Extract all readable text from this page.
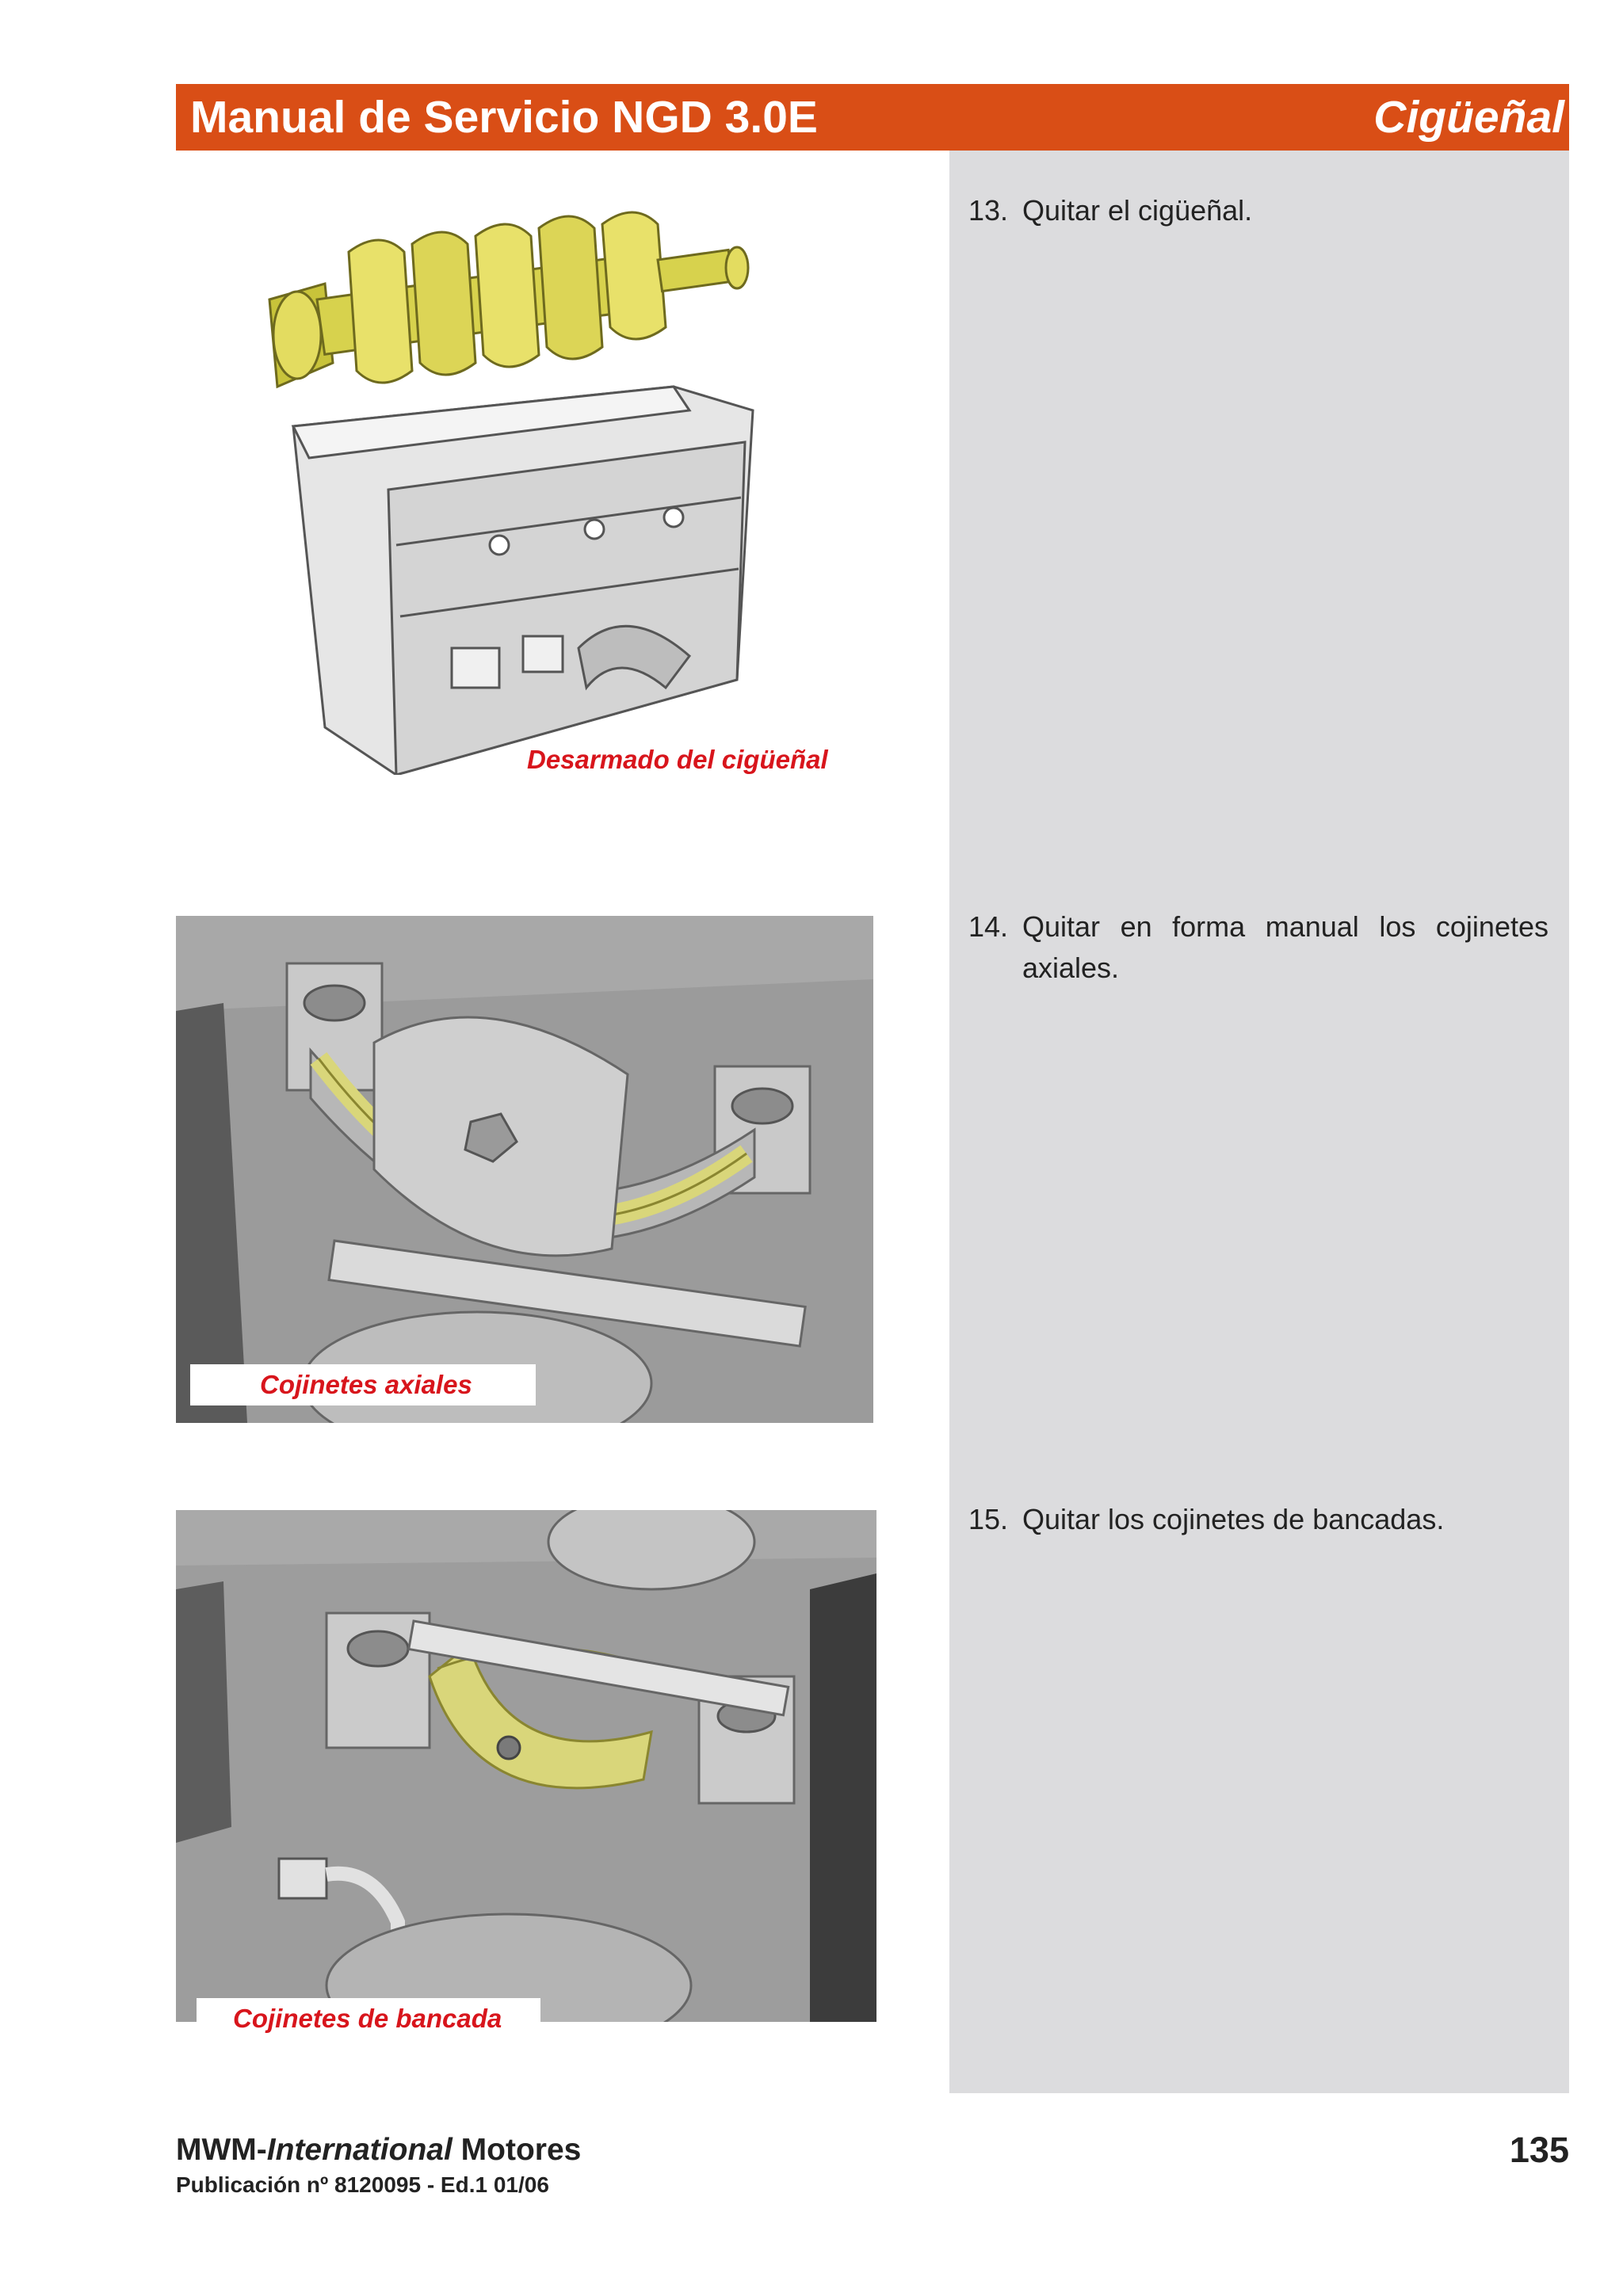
Manual de Servicio NGD 3.0E	Cigüeñal
13. Quitar el cigüeñal.
14. Quitar en forma manual los cojinetes axiales.
15. Quitar los cojinetes de bancadas.
Desarmado del cigüeñal
Cojinetes axiales
Cojinetes de bancada
MWM-International Motores
Publicación nº 8120095 - Ed.1 01/06
135
